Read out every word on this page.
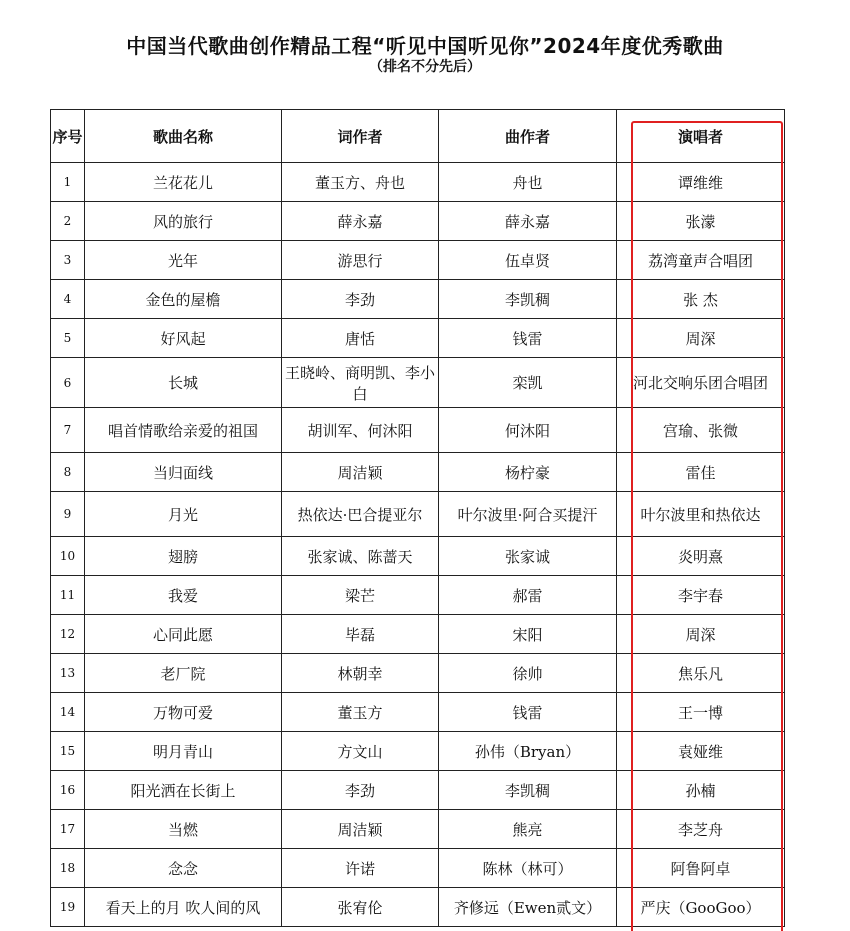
中国当代歌曲创作精品工程“听见中国听见你”2024年度优秀歌曲
（排名不分先后）
序号	歌曲名称	词作者	曲作者	演唱者
1	兰花花儿	董玉方、舟也	舟也	谭维维
2	风的旅行	薛永嘉	薛永嘉	张濛
3	光年	游思行	伍卓贤	荔湾童声合唱团
4	金色的屋檐	李劲	李凯稠	张 杰
5	好风起	唐恬	钱雷	周深
6	长城	王晓岭、商明凯、李小白	栾凯	河北交响乐团合唱团
7	唱首情歌给亲爱的祖国	胡训军、何沐阳	何沐阳	宫瑜、张微
8	当归面线	周洁颖	杨柠豪	雷佳
9	月光	热依达·巴合提亚尔	叶尔波里·阿合买提汗	叶尔波里和热依达
10	翅膀	张家诚、陈蔷天	张家诚	炎明熹
11	我爱	梁芒	郝雷	李宇春
12	心同此愿	毕磊	宋阳	周深
13	老厂院	林朝幸	徐帅	焦乐凡
14	万物可爱	董玉方	钱雷	王一博
15	明月青山	方文山	孙伟（Bryan）	袁娅维
16	阳光洒在长街上	李劲	李凯稠	孙楠
17	当燃	周洁颖	熊亮	李芝舟
18	念念	许诺	陈林（林可）	阿鲁阿卓
19	看天上的月 吹人间的风	张宥伦	齐修远（Ewen贰文）	严庆（GooGoo）
